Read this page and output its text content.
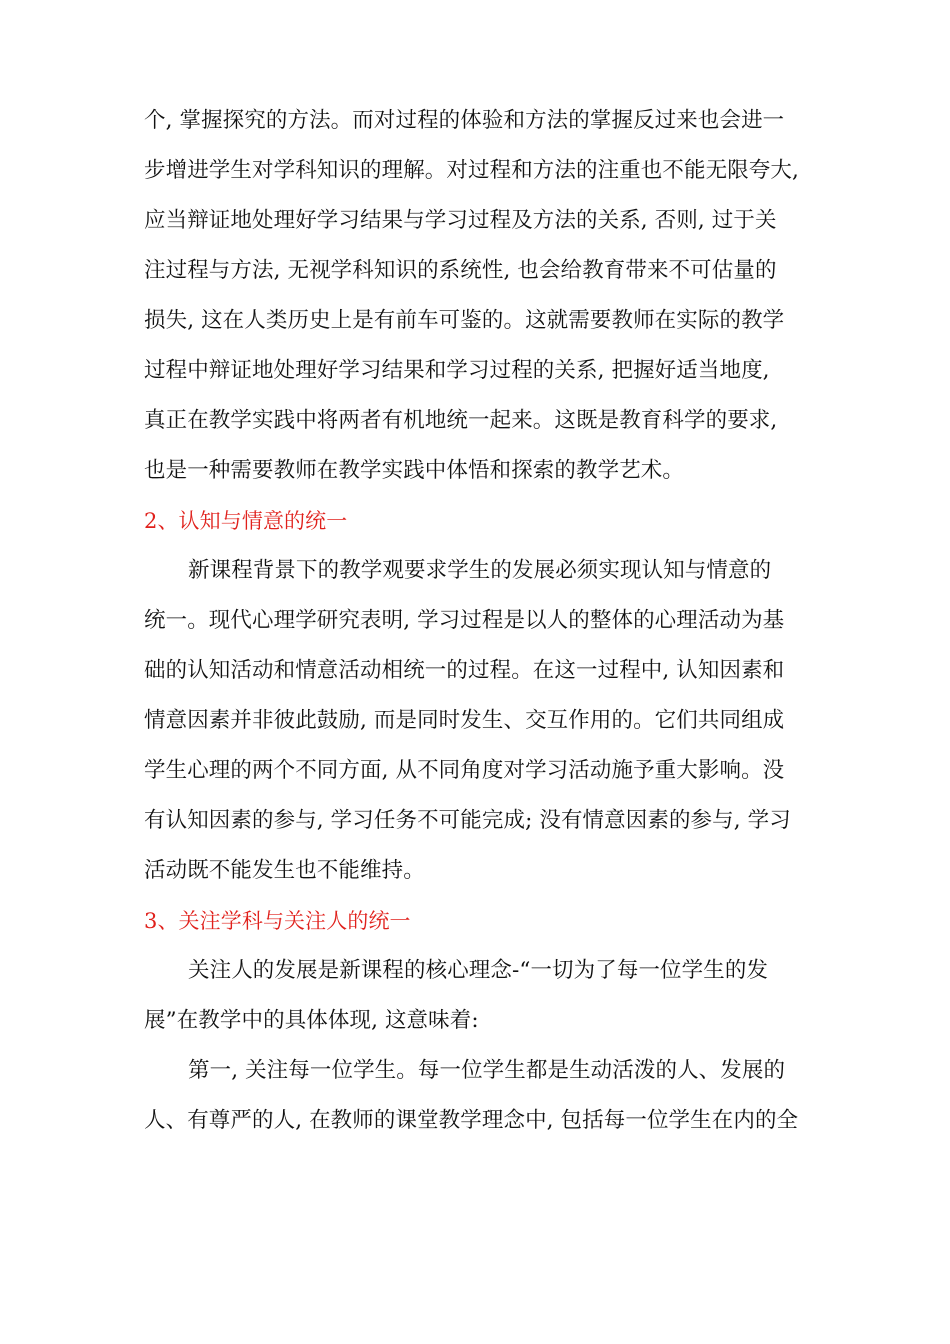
个, 掌握探究的方法。而对过程的体验和方法的掌握反过来也会进一
步增进学生对学科知识的理解。对过程和方法的注重也不能无限夸大,
应当辩证地处理好学习结果与学习过程及方法的关系, 否则, 过于关
注过程与方法, 无视学科知识的系统性, 也会给教育带来不可估量的
损失, 这在人类历史上是有前车可鉴的。这就需要教师在实际的教学
过程中辩证地处理好学习结果和学习过程的关系, 把握好适当地度,
真正在教学实践中将两者有机地统一起来。这既是教育科学的要求,
也是一种需要教师在教学实践中体悟和探索的教学艺术。
2、认知与情意的统一
新课程背景下的教学观要求学生的发展必须实现认知与情意的
统一。现代心理学研究表明, 学习过程是以人的整体的心理活动为基
础的认知活动和情意活动相统一的过程。在这一过程中, 认知因素和
情意因素并非彼此鼓励, 而是同时发生、交互作用的。它们共同组成
学生心理的两个不同方面, 从不同角度对学习活动施予重大影响。没
有认知因素的参与, 学习任务不可能完成; 没有情意因素的参与, 学习
活动既不能发生也不能维持。
3、关注学科与关注人的统一
关注人的发展是新课程的核心理念-“一切为了每一位学生的发
展”在教学中的具体体现, 这意味着:
第一, 关注每一位学生。每一位学生都是生动活泼的人、发展的
人、有尊严的人, 在教师的课堂教学理念中, 包括每一位学生在内的全
